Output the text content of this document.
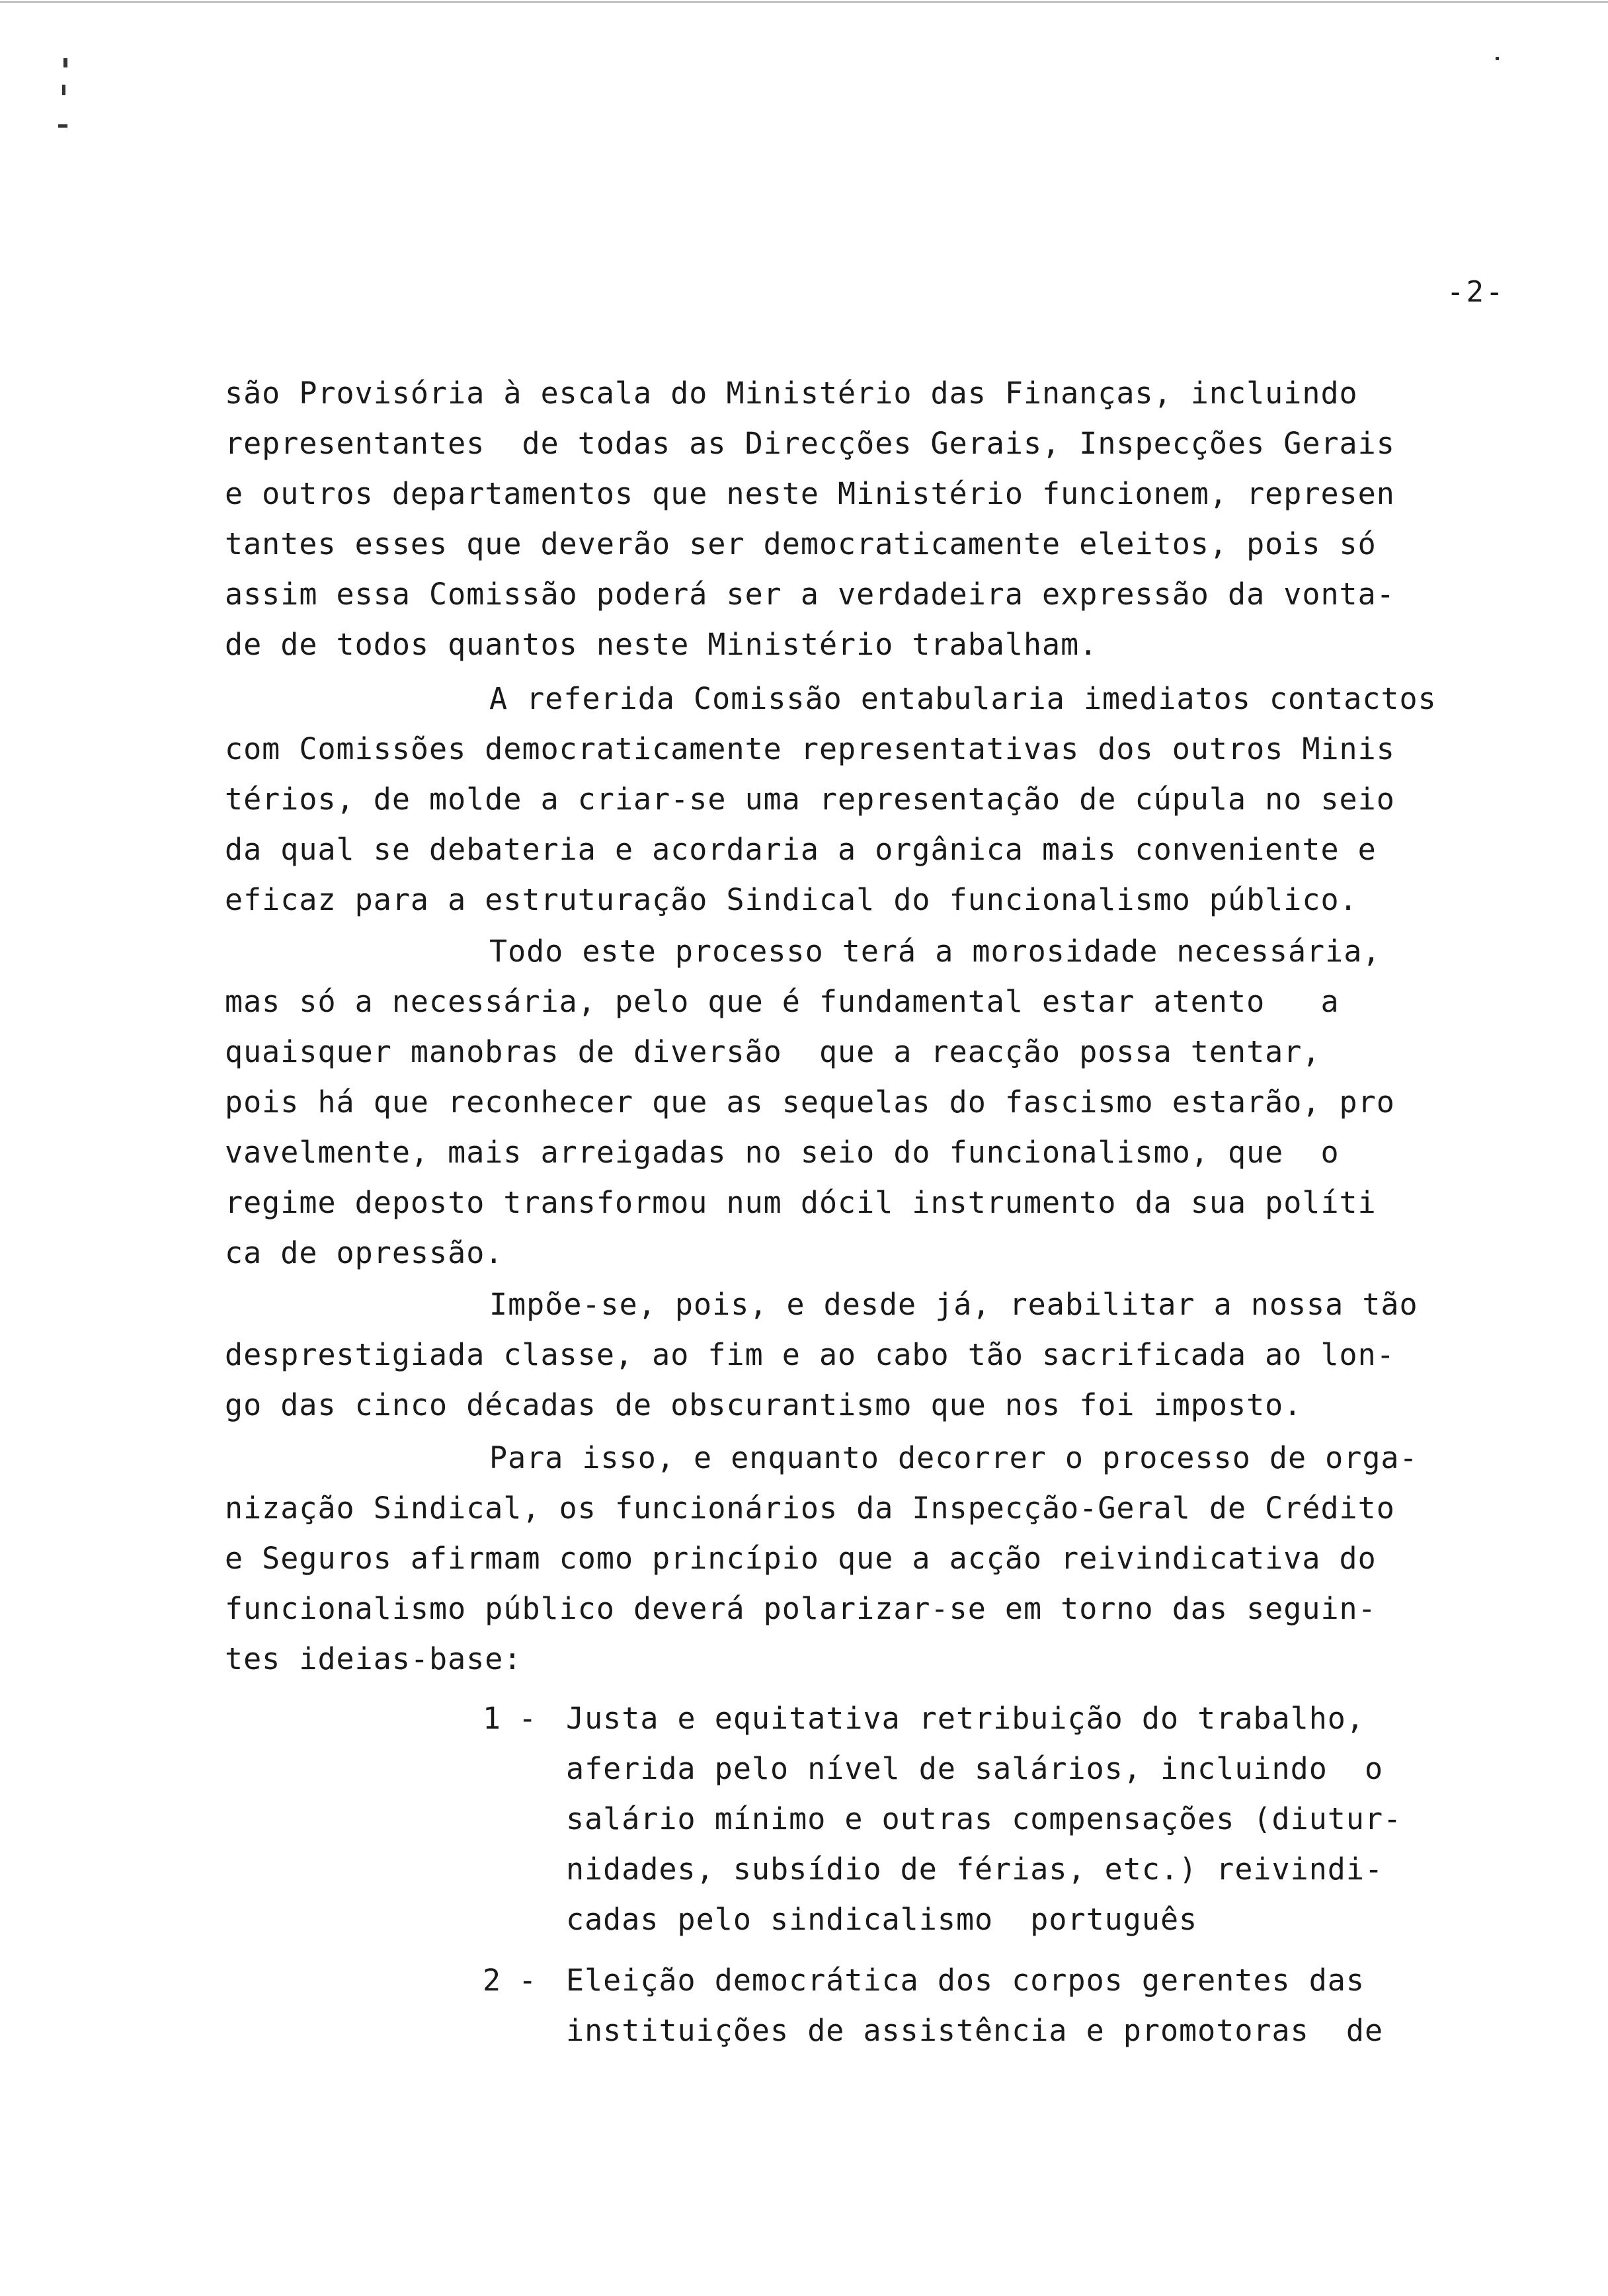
-2-
são Provisória à escala do Ministério das Finanças, incluindo
representantes  de todas as Direcções Gerais, Inspecções Gerais
e outros departamentos que neste Ministério funcionem, represen
tantes esses que deverão ser democraticamente eleitos, pois só
assim essa Comissão poderá ser a verdadeira expressão da vonta-
de de todos quantos neste Ministério trabalham.
A referida Comissão entabularia imediatos contactos
com Comissões democraticamente representativas dos outros Minis
térios, de molde a criar-se uma representação de cúpula no seio
da qual se debateria e acordaria a orgânica mais conveniente e
eficaz para a estruturação Sindical do funcionalismo público.
Todo este processo terá a morosidade necessária,
mas só a necessária, pelo que é fundamental estar atento   a
quaisquer manobras de diversão  que a reacção possa tentar,
pois há que reconhecer que as sequelas do fascismo estarão, pro
vavelmente, mais arreigadas no seio do funcionalismo, que  o
regime deposto transformou num dócil instrumento da sua políti
ca de opressão.
Impõe-se, pois, e desde já, reabilitar a nossa tão
desprestigiada classe, ao fim e ao cabo tão sacrificada ao lon-
go das cinco décadas de obscurantismo que nos foi imposto.
Para isso, e enquanto decorrer o processo de orga-
nização Sindical, os funcionários da Inspecção-Geral de Crédito
e Seguros afirmam como princípio que a acção reivindicativa do
funcionalismo público deverá polarizar-se em torno das seguin-
tes ideias-base:
1 - Justa e equitativa retribuição do trabalho,
aferida pelo nível de salários, incluindo  o
salário mínimo e outras compensações (diutur-
nidades, subsídio de férias, etc.) reivindi-
cadas pelo sindicalismo  português
2 - Eleição democrática dos corpos gerentes das
instituições de assistência e promotoras  de
